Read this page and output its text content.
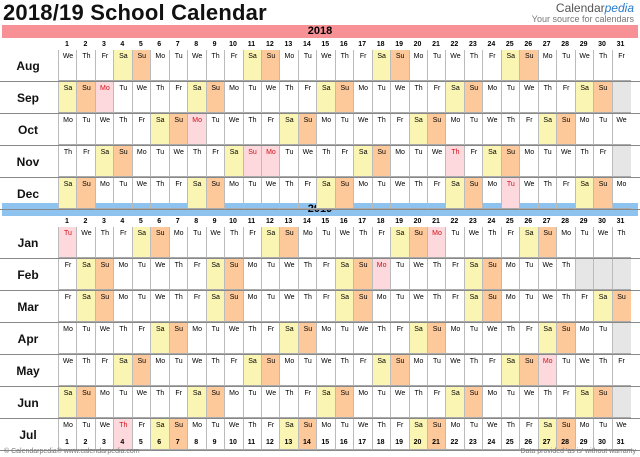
2018/19 School Calendar	Calendarpedia
Your source for calendars
2018
1	2	3	4	5	6	7	8	9	10	11	12	13	14	15	16	17	18	19	20	21	22	23	24	25	26	27	28	29	30	31
Aug
We	Th	Fr	Sa	Su	Mo	Tu	We	Th	Fr	Sa	Su	Mo	Tu	We	Th	Fr	Sa	Su	Mo	Tu	We	Th	Fr	Sa	Su	Mo	Tu	We	Th	Fr
Sep
Sa	Su	Mo	Tu	We	Th	Fr	Sa	Su	Mo	Tu	We	Th	Fr	Sa	Su	Mo	Tu	We	Th	Fr	Sa	Su	Mo	Tu	We	Th	Fr	Sa	Su
Oct
Mo	Tu	We	Th	Fr	Sa	Su	Mo	Tu	We	Th	Fr	Sa	Su	Mo	Tu	We	Th	Fr	Sa	Su	Mo	Tu	We	Th	Fr	Sa	Su	Mo	Tu	We
Nov
Th	Fr	Sa	Su	Mo	Tu	We	Th	Fr	Sa	Su	Mo	Tu	We	Th	Fr	Sa	Su	Mo	Tu	We	Th	Fr	Sa	Su	Mo	Tu	We	Th	Fr
Dec
Sa	Su	Mo	Tu	We	Th	Fr	Sa	Su	Mo	Tu	We	Th	Fr	Sa	Su	Mo	Tu	We	Th	Fr	Sa	Su	Mo	Tu	We	Th	Fr	Sa	Su	Mo
1	2	3	4	5	6	7	8	9	10	11	12	13	14	15	16	17	18	19	20	21	22	23	24	25	26	27	28	29	30	31
Jan
Tu	We	Th	Fr	Sa	Su	Mo	Tu	We	Th	Fr	Sa	Su	Mo	Tu	We	Th	Fr	Sa	Su	Mo	Tu	We	Th	Fr	Sa	Su	Mo	Tu	We	Th
Feb
Fr	Sa	Su	Mo	Tu	We	Th	Fr	Sa	Su	Mo	Tu	We	Th	Fr	Sa	Su	Mo	Tu	We	Th	Fr	Sa	Su	Mo	Tu	We	Th
Mar
Fr	Sa	Su	Mo	Tu	We	Th	Fr	Sa	Su	Mo	Tu	We	Th	Fr	Sa	Su	Mo	Tu	We	Th	Fr	Sa	Su	Mo	Tu	We	Th	Fr	Sa	Su
Apr
Mo	Tu	We	Th	Fr	Sa	Su	Mo	Tu	We	Th	Fr	Sa	Su	Mo	Tu	We	Th	Fr	Sa	Su	Mo	Tu	We	Th	Fr	Sa	Su	Mo	Tu
May
We	Th	Fr	Sa	Su	Mo	Tu	We	Th	Fr	Sa	Su	Mo	Tu	We	Th	Fr	Sa	Su	Mo	Tu	We	Th	Fr	Sa	Su	Mo	Tu	We	Th	Fr
Jun
Sa	Su	Mo	Tu	We	Th	Fr	Sa	Su	Mo	Tu	We	Th	Fr	Sa	Su	Mo	Tu	We	Th	Fr	Sa	Su	Mo	Tu	We	Th	Fr	Sa	Su
Jul
Mo	Tu	We	Th	Fr	Sa	Su	Mo	Tu	We	Th	Fr	Sa	Su	Mo	Tu	We	Th	Fr	Sa	Su	Mo	Tu	We	Th	Fr	Sa	Su	Mo	Tu	We
1	2	3	4	5	6	7	8	9	10	11	12	13	14	15	16	17	18	19	20	21	22	23	24	25	26	27	28	29	30	31
© Calendarpedia® www.calendarpedia.com	Data provided 'as is' without warranty
